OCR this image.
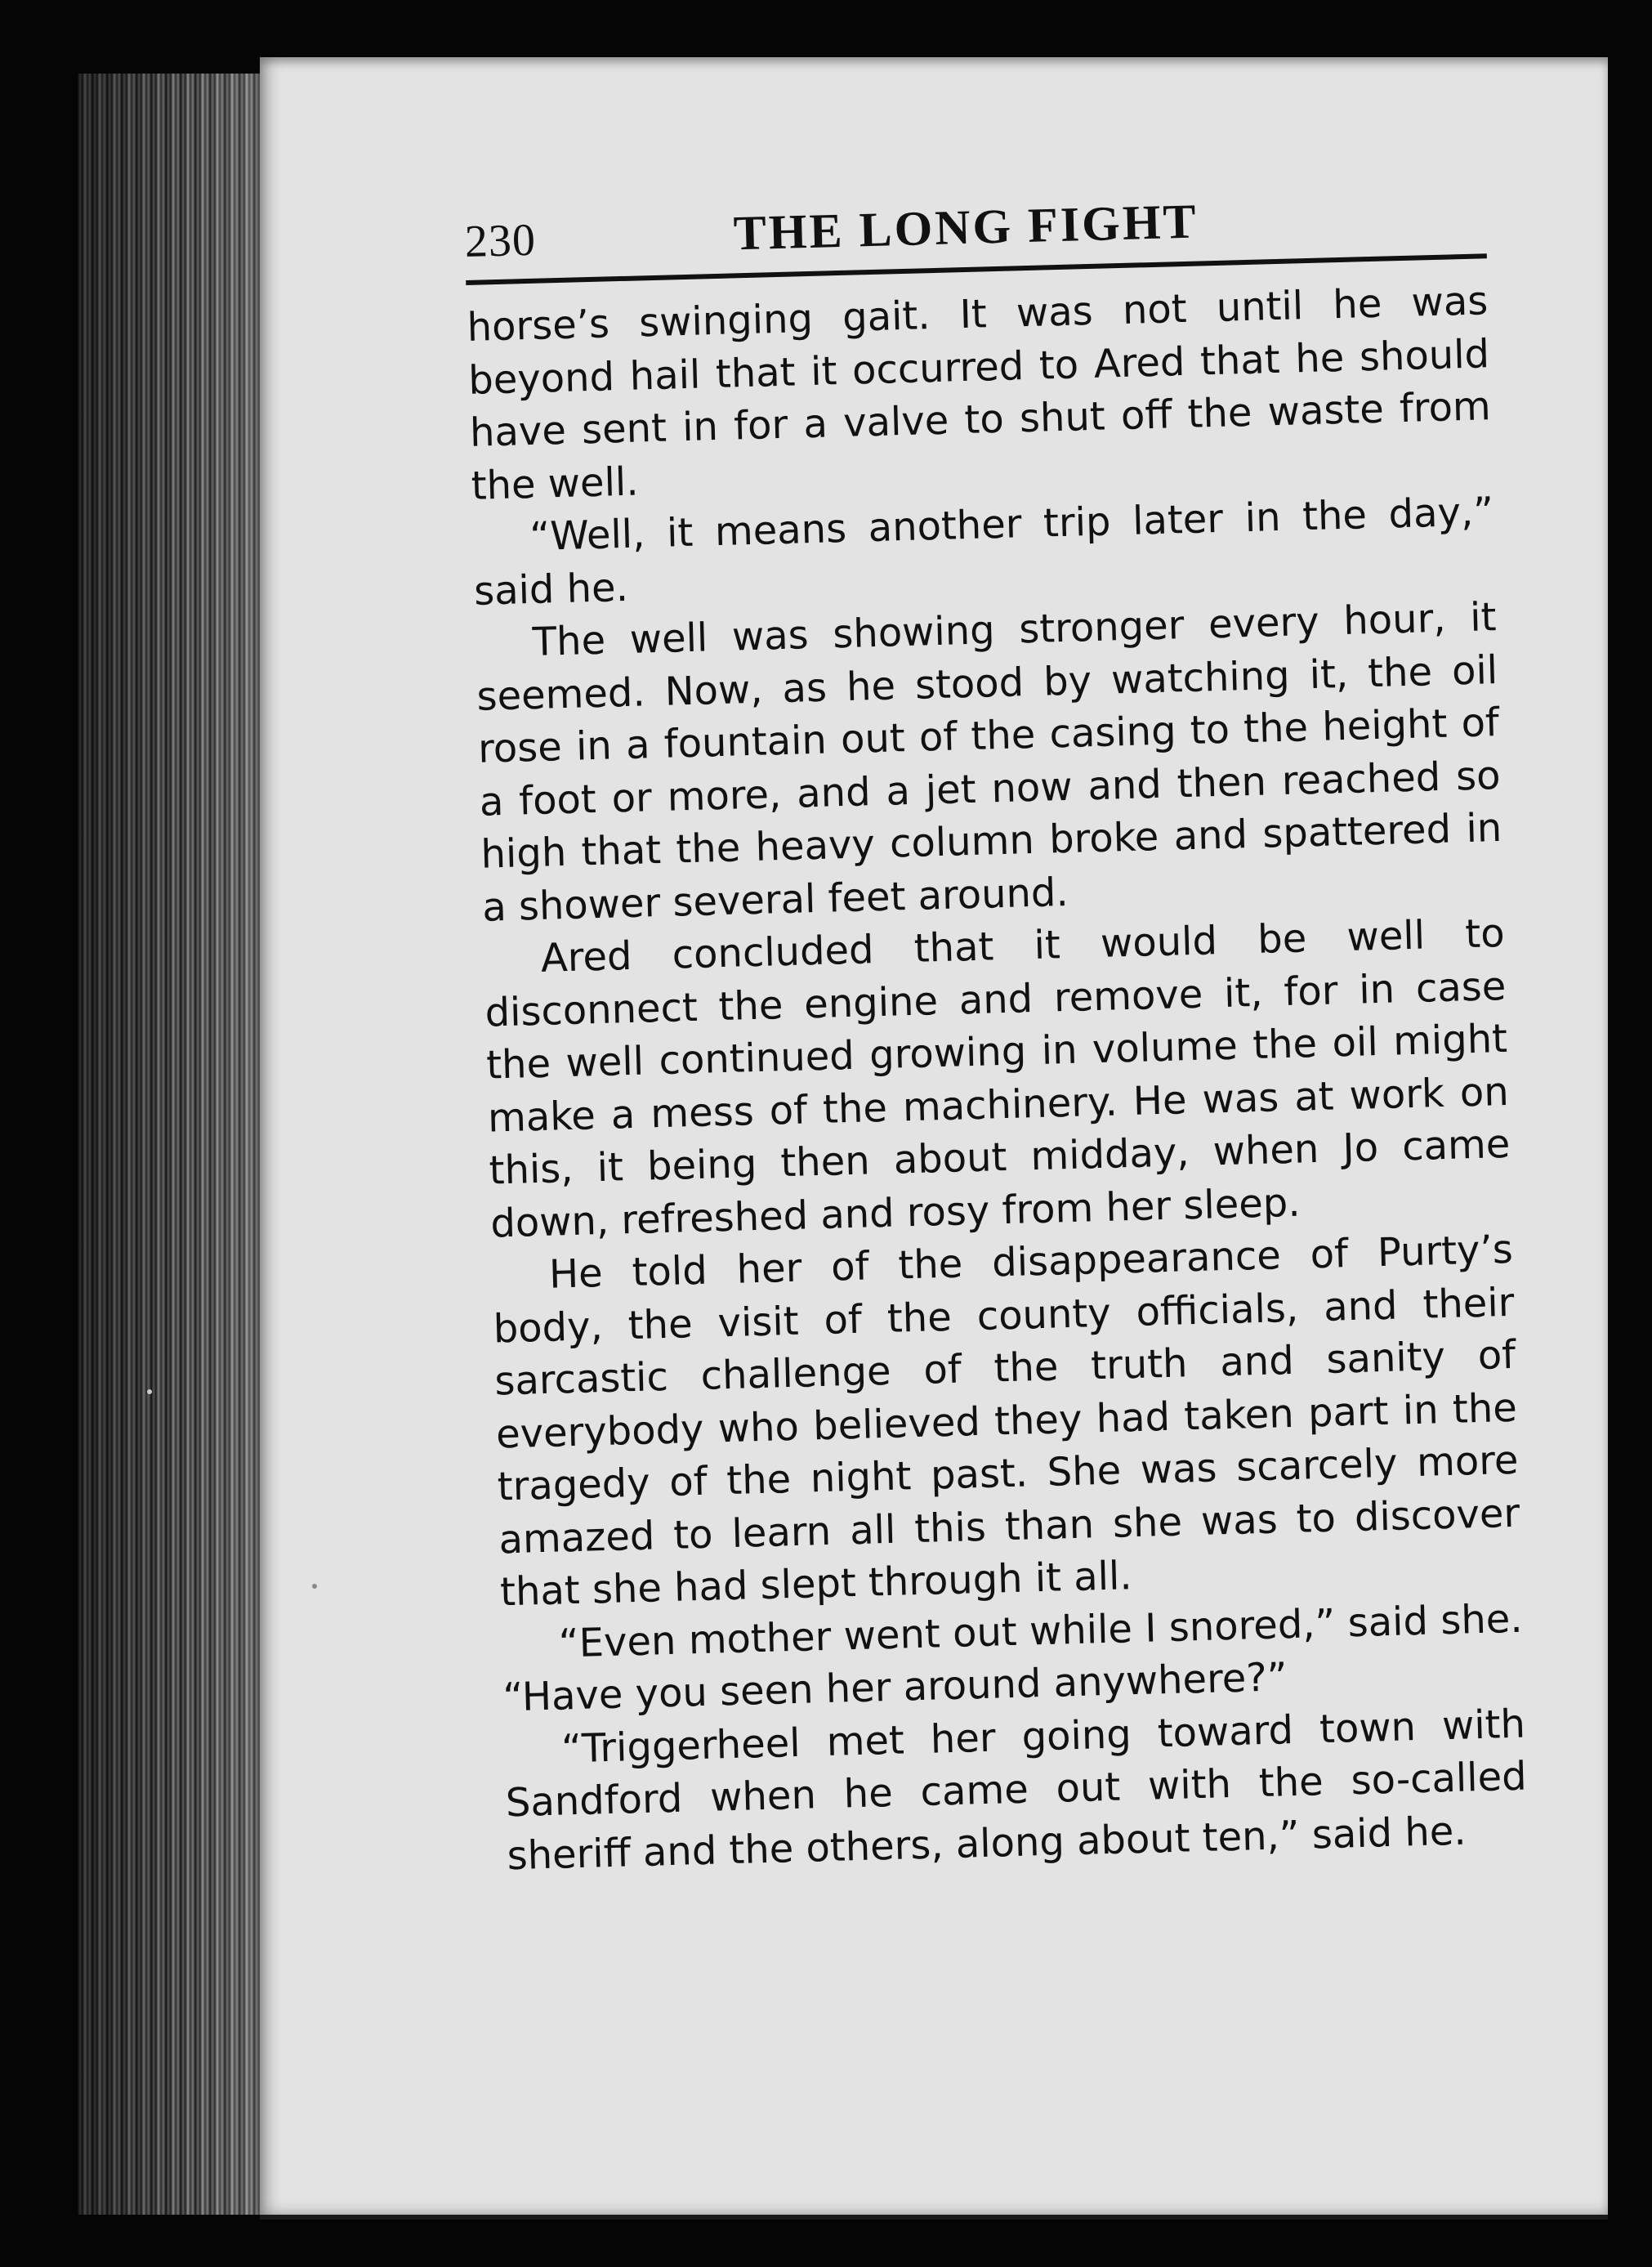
230	THE LONG FIGHT

horse’s swinging gait. It was not until he was beyond hail that it occurred to Ared that he should have sent in for a valve to shut off the waste from the well.

“Well, it means another trip later in the day,” said he.

The well was showing stronger every hour, it seemed. Now, as he stood by watching it, the oil rose in a fountain out of the casing to the height of a foot or more, and a jet now and then reached so high that the heavy column broke and spattered in a shower several feet around.

Ared concluded that it would be well to disconnect the engine and remove it, for in case the well continued growing in volume the oil might make a mess of the machinery. He was at work on this, it being then about midday, when Jo came down, refreshed and rosy from her sleep.

He told her of the disappearance of Purty’s body, the visit of the county officials, and their sarcastic challenge of the truth and sanity of everybody who believed they had taken part in the tragedy of the night past. She was scarcely more amazed to learn all this than she was to discover that she had slept through it all.

“Even mother went out while I snored,” said she. “Have you seen her around anywhere?”

“Triggerheel met her going toward town with Sandford when he came out with the so-called sheriff and the others, along about ten,” said he.
